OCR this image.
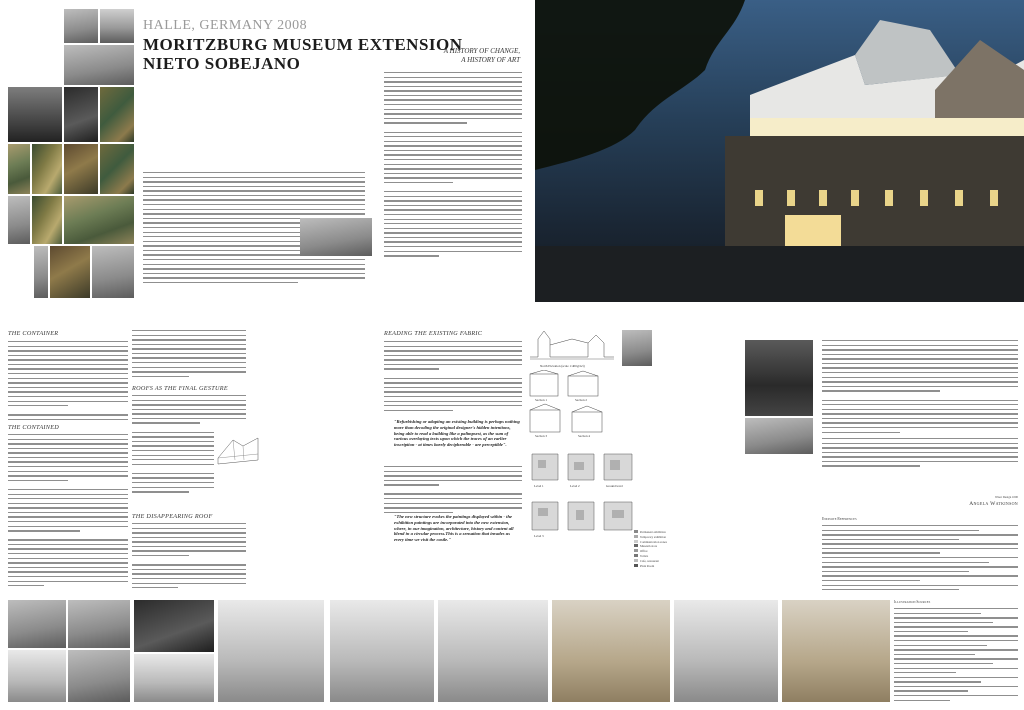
HALLE, GERMANY 2008
MORITZBURG MUSEUM EXTENSION
NIETO SOBEJANO
A HISTORY OF CHANGE,
A HISTORY OF ART
THE CONTAINER
THE CONTAINED
ROOFS AS THE FINAL GESTURE
THE DISAPPEARING ROOF
READING THE EXISTING FABRIC
"Refurbishing or adapting an existing building is perhaps nothing more than decoding the original designer's hidden intentions, being able to read a building like a palimpsest, as the sum of various overlaying texts upon which the traces of an earlier inscription - at times barely decipherable - are perceptible".
"The new structure evokes the paintings displayed within - the exhibition paintings are incorporated into the new extension, where, in our imagination, architecture, history and content all blend in a circular process.This is a sensation that invades us every time we visit the castle."
North Elevation (scale 1:400@A3)
Section 1	Section 2
Section 3	Section 4
Level 1	Level 2	Ground level
Level 3
Permanent exhibition
Temporary exhibition
Communication zones
Museum store
Office
Toilets
Cafe, restaurant
Plant Room
Wiser Design 1000
Angela Watkinson
Endnote References
Illustration Sources
